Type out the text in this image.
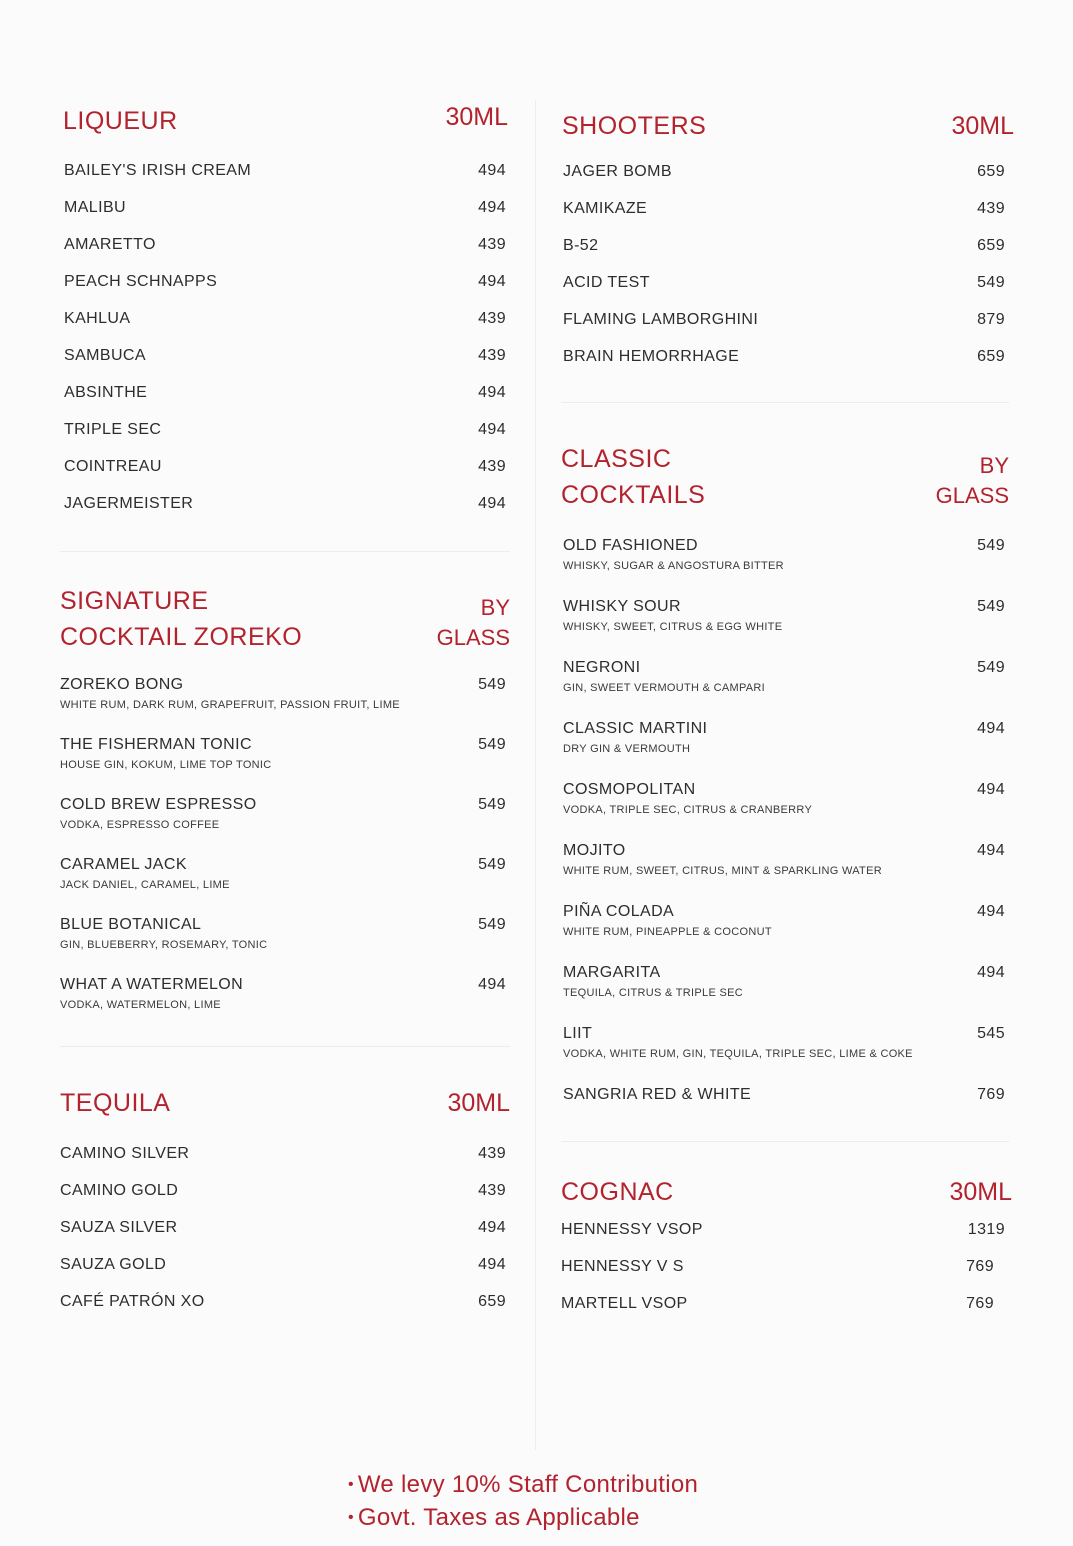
LIQUEUR	30ML
BAILEY'S IRISH CREAM	494
MALIBU	494
AMARETTO	439
PEACH SCHNAPPS	494
KAHLUA	439
SAMBUCA	439
ABSINTHE	494
TRIPLE SEC	494
COINTREAU	439
JAGERMEISTER	494
SIGNATURE
COCKTAIL ZOREKO
BY
GLASS
ZOREKO BONG	549
WHITE RUM, DARK RUM, GRAPEFRUIT, PASSION FRUIT, LIME
THE FISHERMAN TONIC	549
HOUSE GIN, KOKUM, LIME TOP TONIC
COLD BREW ESPRESSO	549
VODKA, ESPRESSO COFFEE
CARAMEL JACK	549
JACK DANIEL, CARAMEL, LIME
BLUE BOTANICAL	549
GIN, BLUEBERRY, ROSEMARY, TONIC
WHAT A WATERMELON	494
VODKA, WATERMELON, LIME
TEQUILA	30ML
CAMINO SILVER	439
CAMINO GOLD	439
SAUZA SILVER	494
SAUZA GOLD	494
CAFÉ PATRÓN XO	659
SHOOTERS	30ML
JAGER BOMB	659
KAMIKAZE	439
B-52	659
ACID TEST	549
FLAMING LAMBORGHINI	879
BRAIN HEMORRHAGE	659
CLASSIC
COCKTAILS
BY
GLASS
OLD FASHIONED	549
WHISKY, SUGAR & ANGOSTURA BITTER
WHISKY SOUR	549
WHISKY, SWEET, CITRUS & EGG WHITE
NEGRONI	549
GIN, SWEET VERMOUTH & CAMPARI
CLASSIC MARTINI	494
DRY GIN & VERMOUTH
COSMOPOLITAN	494
VODKA, TRIPLE SEC, CITRUS & CRANBERRY
MOJITO	494
WHITE RUM, SWEET, CITRUS, MINT & SPARKLING WATER
PIÑA COLADA	494
WHITE RUM, PINEAPPLE & COCONUT
MARGARITA	494
TEQUILA, CITRUS & TRIPLE SEC
LIIT	545
VODKA, WHITE RUM, GIN, TEQUILA, TRIPLE SEC, LIME & COKE
SANGRIA RED & WHITE	769
COGNAC	30ML
HENNESSY VSOP	1319
HENNESSY V S	769
MARTELL VSOP	769
• We levy 10% Staff Contribution
• Govt. Taxes as Applicable
